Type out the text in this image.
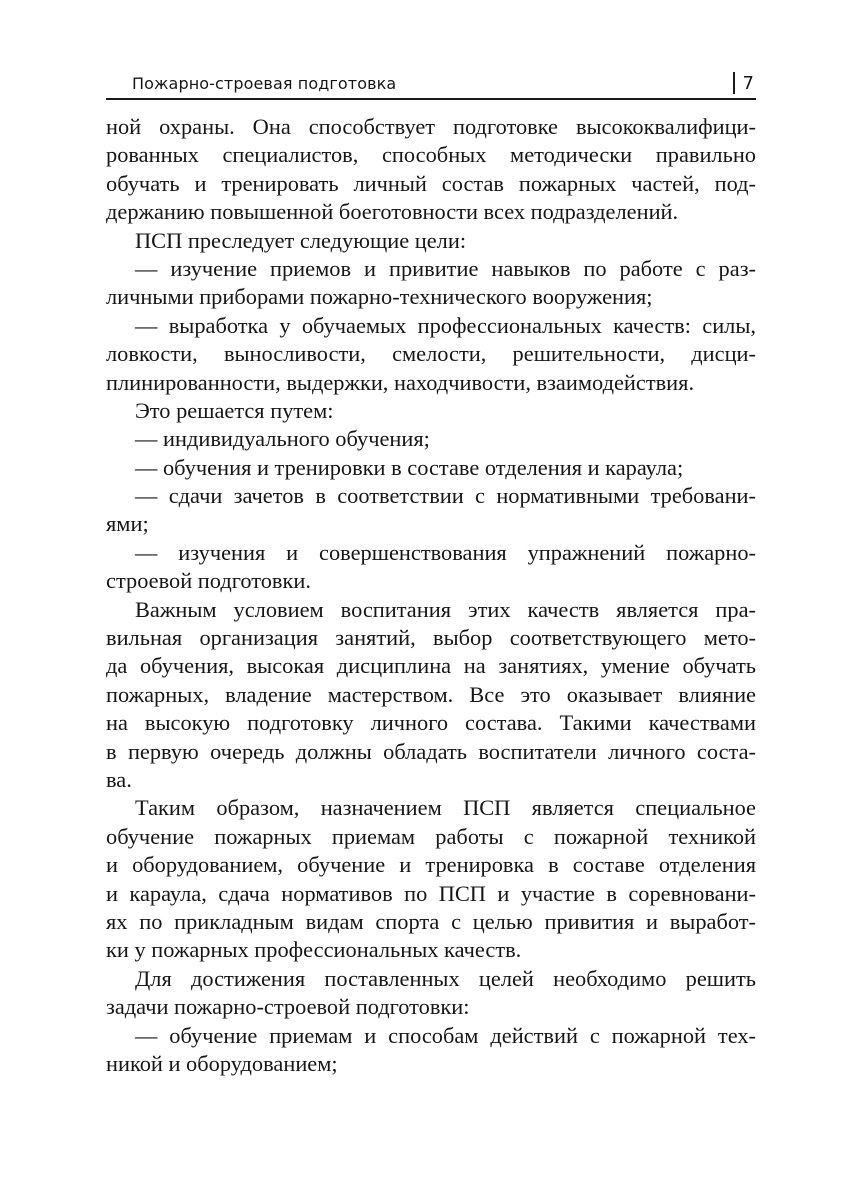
Пожарно-строевая подготовка	7
ной охраны. Она способствует подготовке высококвалифици-
рованных специалистов, способных методически правильно
обучать и тренировать личный состав пожарных частей, под-
держанию повышенной боеготовности всех подразделений.
ПСП преследует следующие цели:
— изучение приемов и привитие навыков по работе с раз-
личными приборами пожарно-технического вооружения;
— выработка у обучаемых профессиональных качеств: силы,
ловкости, выносливости, смелости, решительности, дисци-
плинированности, выдержки, находчивости, взаимодействия.
Это решается путем:
— индивидуального обучения;
— обучения и тренировки в составе отделения и караула;
— сдачи зачетов в соответствии с нормативными требовани-
ями;
— изучения и совершенствования упражнений пожарно-
строевой подготовки.
Важным условием воспитания этих качеств является пра-
вильная организация занятий, выбор соответствующего мето-
да обучения, высокая дисциплина на занятиях, умение обучать
пожарных, владение мастерством. Все это оказывает влияние
на высокую подготовку личного состава. Такими качествами
в первую очередь должны обладать воспитатели личного соста-
ва.
Таким образом, назначением ПСП является специальное
обучение пожарных приемам работы с пожарной техникой
и оборудованием, обучение и тренировка в составе отделения
и караула, сдача нормативов по ПСП и участие в соревновани-
ях по прикладным видам спорта с целью привития и выработ-
ки у пожарных профессиональных качеств.
Для достижения поставленных целей необходимо решить
задачи пожарно-строевой подготовки:
— обучение приемам и способам действий с пожарной тех-
никой и оборудованием;
